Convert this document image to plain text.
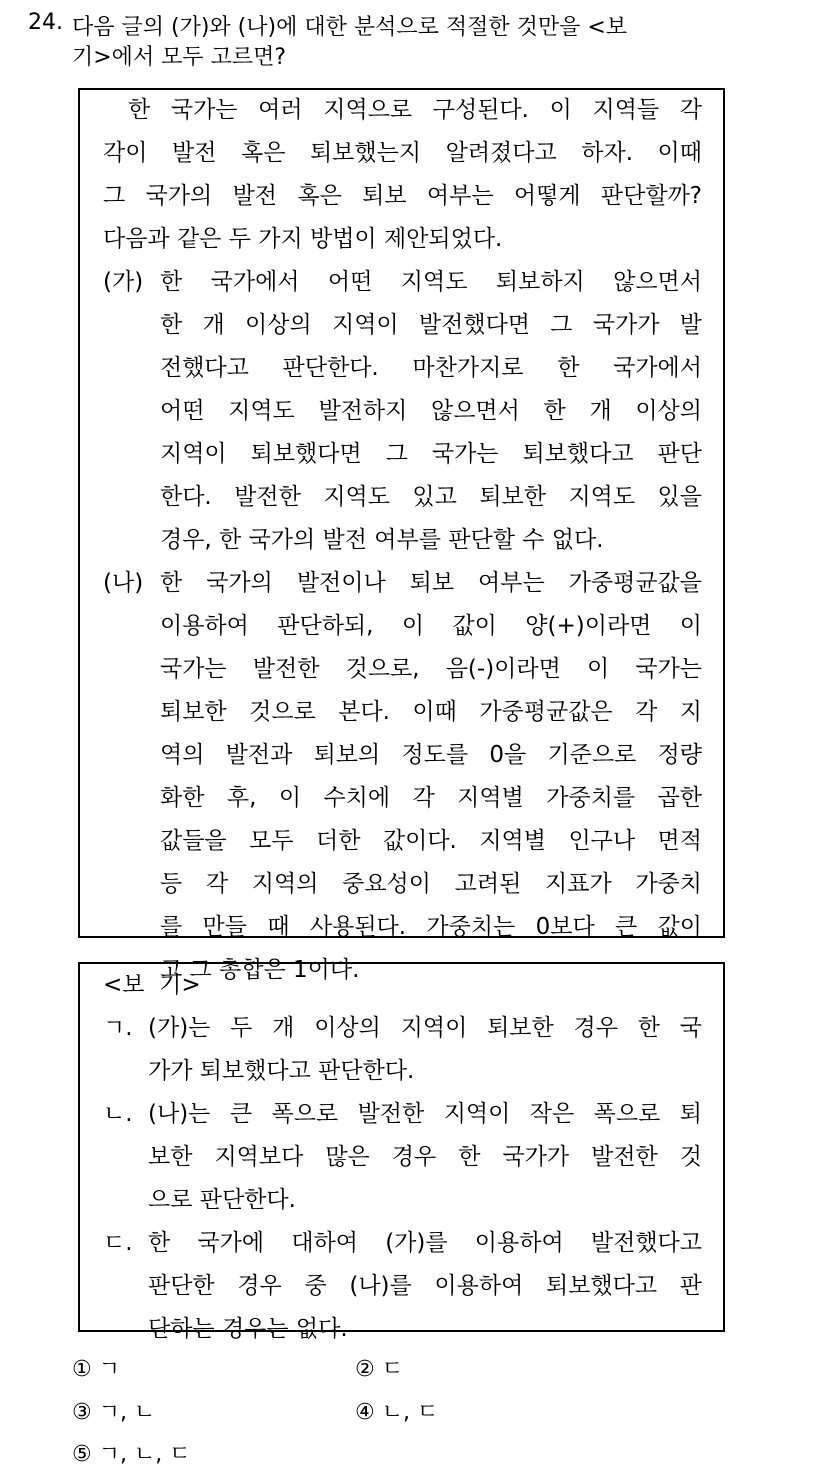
24. 다음 글의 (가)와 (나)에 대한 분석으로 적절한 것만을 <보
기>에서 모두 고르면?
한 국가는 여러 지역으로 구성된다. 이 지역들 각
각이 발전 혹은 퇴보했는지 알려졌다고 하자. 이때
그 국가의 발전 혹은 퇴보 여부는 어떻게 판단할까?
다음과 같은 두 가지 방법이 제안되었다.
(가) 한 국가에서 어떤 지역도 퇴보하지 않으면서
한 개 이상의 지역이 발전했다면 그 국가가 발
전했다고 판단한다. 마찬가지로 한 국가에서
어떤 지역도 발전하지 않으면서 한 개 이상의
지역이 퇴보했다면 그 국가는 퇴보했다고 판단
한다. 발전한 지역도 있고 퇴보한 지역도 있을
경우, 한 국가의 발전 여부를 판단할 수 없다.
(나) 한 국가의 발전이나 퇴보 여부는 가중평균값을
이용하여 판단하되, 이 값이 양(+)이라면 이
국가는 발전한 것으로, 음(-)이라면 이 국가는
퇴보한 것으로 본다. 이때 가중평균값은 각 지
역의 발전과 퇴보의 정도를 0을 기준으로 정량
화한 후, 이 수치에 각 지역별 가중치를 곱한
값들을 모두 더한 값이다. 지역별 인구나 면적
등 각 지역의 중요성이 고려된 지표가 가중치
를 만들 때 사용된다. 가중치는 0보다 큰 값이
고 그 총합은 1이다.
<보  기>
ㄱ. (가)는 두 개 이상의 지역이 퇴보한 경우 한 국
가가 퇴보했다고 판단한다.
ㄴ. (나)는 큰 폭으로 발전한 지역이 작은 폭으로 퇴
보한 지역보다 많은 경우 한 국가가 발전한 것
으로 판단한다.
ㄷ. 한 국가에 대하여 (가)를 이용하여 발전했다고
판단한 경우 중 (나)를 이용하여 퇴보했다고 판
단하는 경우는 없다.
① ㄱ	② ㄷ
③ ㄱ, ㄴ	④ ㄴ, ㄷ
⑤ ㄱ, ㄴ, ㄷ
